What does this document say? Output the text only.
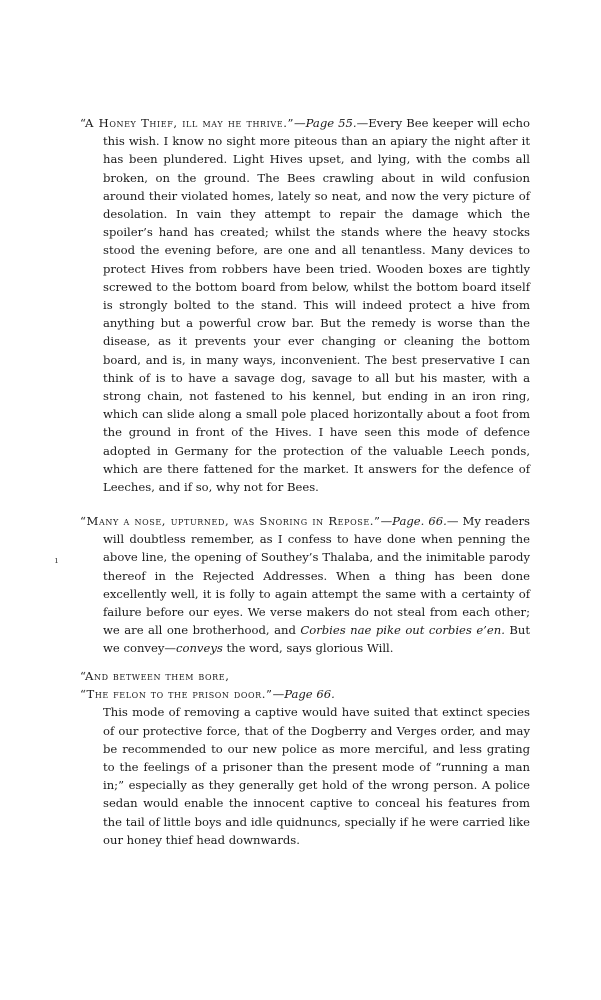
“A Honey Thief, ill may he thrive.”—Page 55.—Every Bee keeper will echo this wish. I know no sight more piteous than an apiary the night after it has been plundered. Light Hives upset, and lying, with the combs all broken, on the ground. The Bees crawling about in wild confusion around their violated homes, lately so neat, and now the very picture of desolation. In vain they attempt to repair the damage which the spoiler’s hand has created; whilst the stands where the heavy stocks stood the evening before, are one and all tenantless. Many devices to protect Hives from robbers have been tried. Wooden boxes are tightly screwed to the bottom board from below, whilst the bottom board itself is strongly bolted to the stand. This will indeed protect a hive from anything but a powerful crow bar. But the remedy is worse than the disease, as it prevents your ever changing or cleaning the bottom board, and is, in many ways, inconvenient. The best preservative I can think of is to have a savage dog, savage to all but his master, with a strong chain, not fastened to his kennel, but ending in an iron ring, which can slide along a small pole placed horizontally about a foot from the ground in front of the Hives. I have seen this mode of defence adopted in Germany for the protection of the valuable Leech ponds, which are there fattened for the market. It answers for the defence of Leeches, and if so, why not for Bees.

“Many a nose, upturned, was Snoring in Repose.”—Page. 66.— My readers will doubtless remember, as I confess to have done when penning the above line, the opening of Southey’s Thalaba, and the inimitable parody thereof in the Rejected Addresses. When a thing has been done excellently well, it is folly to again attempt the same with a certainty of failure before our eyes. We verse makers do not steal from each other; we are all one brotherhood, and Corbies nae pike out corbies e’en. But we convey—conveys the word, says glorious Will.

“And between them bore,

“The felon to the prison door.”—Page 66.

This mode of removing a captive would have suited that extinct species of our protective force, that of the Dogberry and Verges order, and may be recommended to our new police as more merciful, and less grating to the feelings of a prisoner than the present mode of “running a man in;” especially as they generally get hold of the wrong person. A police sedan would enable the innocent captive to conceal his features from the tail of little boys and idle quidnuncs, specially if he were carried like our honey thief head downwards.

ı
